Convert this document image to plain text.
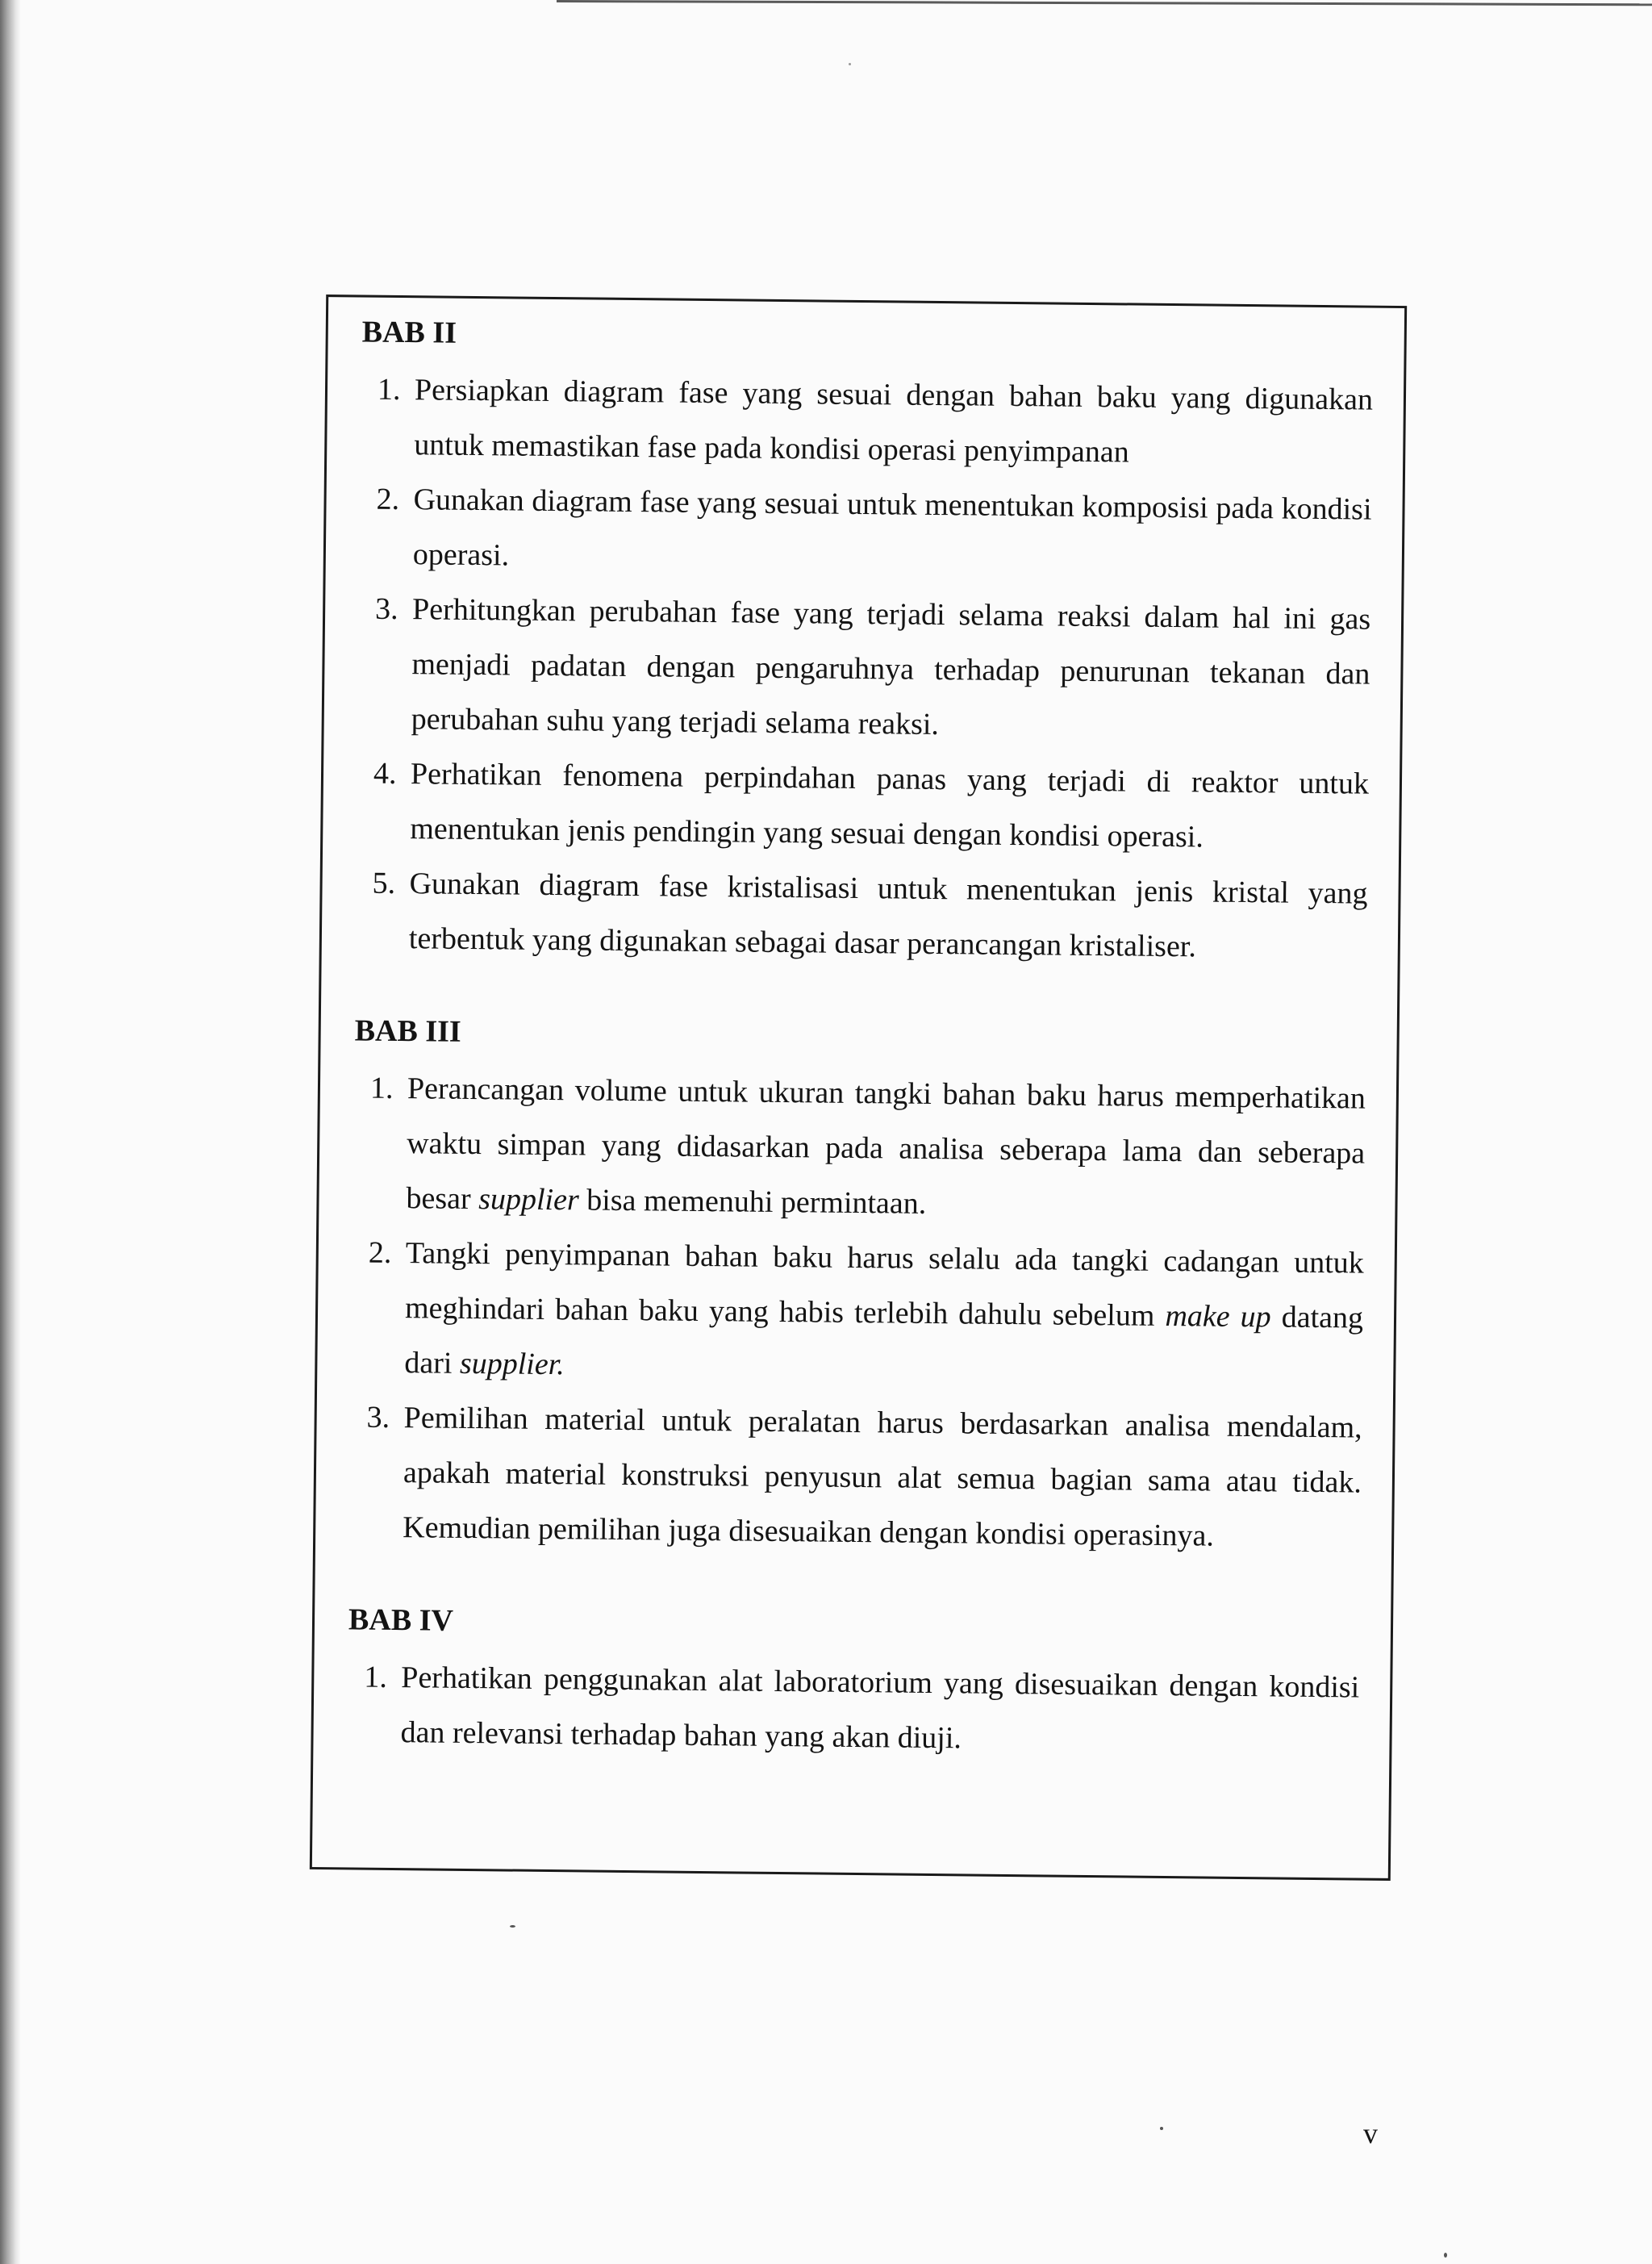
BAB II
1. Persiapkan diagram fase yang sesuai dengan bahan baku yang digunakan untuk memastikan fase pada kondisi operasi penyimpanan
2. Gunakan diagram fase yang sesuai untuk menentukan komposisi pada kondisi operasi.
3. Perhitungkan perubahan fase yang terjadi selama reaksi dalam hal ini gas menjadi padatan dengan pengaruhnya terhadap penurunan tekanan dan perubahan suhu yang terjadi selama reaksi.
4. Perhatikan fenomena perpindahan panas yang terjadi di reaktor untuk menentukan jenis pendingin yang sesuai dengan kondisi operasi.
5. Gunakan diagram fase kristalisasi untuk menentukan jenis kristal yang terbentuk yang digunakan sebagai dasar perancangan kristaliser.
BAB III
1. Perancangan volume untuk ukuran tangki bahan baku harus memperhatikan waktu simpan yang didasarkan pada analisa seberapa lama dan seberapa besar supplier bisa memenuhi permintaan.
2. Tangki penyimpanan bahan baku harus selalu ada tangki cadangan untuk meghindari bahan baku yang habis terlebih dahulu sebelum make up datang dari supplier.
3. Pemilihan material untuk peralatan harus berdasarkan analisa mendalam, apakah material konstruksi penyusun alat semua bagian sama atau tidak. Kemudian pemilihan juga disesuaikan dengan kondisi operasinya.
BAB IV
1. Perhatikan penggunakan alat laboratorium yang disesuaikan dengan kondisi dan relevansi terhadap bahan yang akan diuji.
v
